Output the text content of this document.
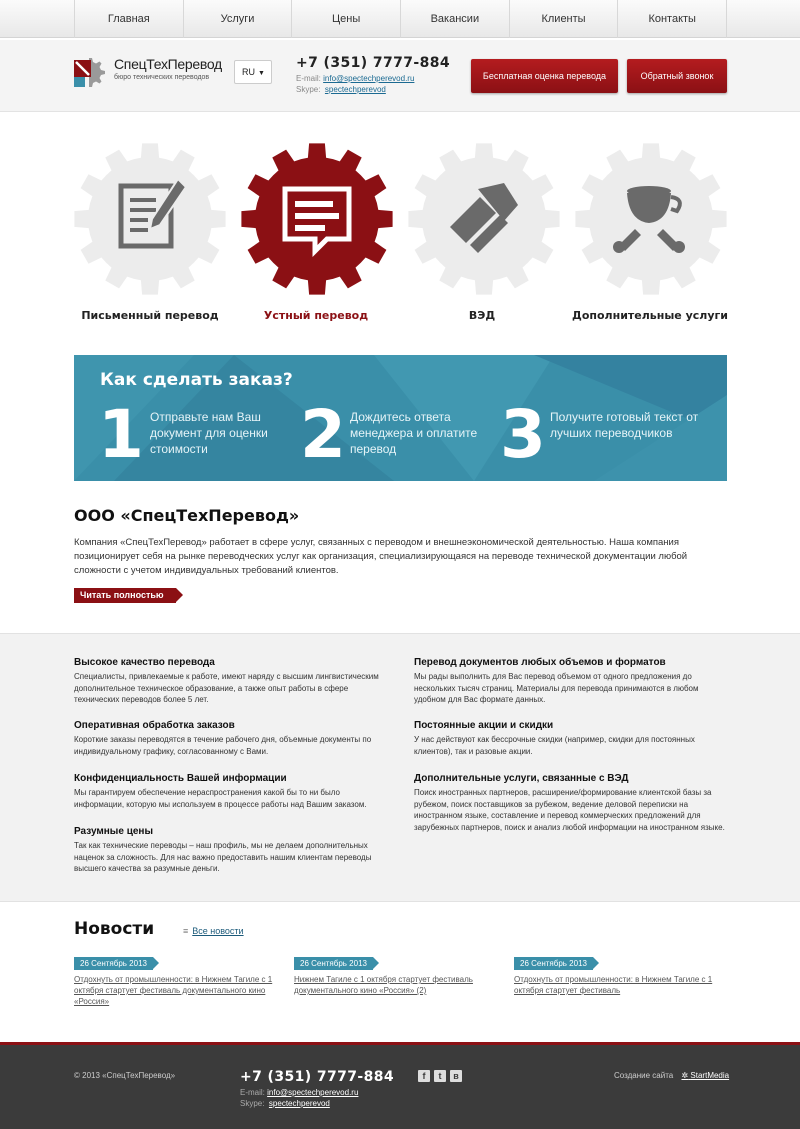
Главная	Услуги	Цены	Вакансии	Клиенты	Контакты
СпецТехПеревод
бюро технических переводов
RU ▼
+7 (351) 7777-884
E-mail: info@spectechperevod.ru
Skype: spectechperevod
Бесплатная оценка перевода	Обратный звонок
Письменный перевод	Устный перевод	ВЭД	Дополнительные услуги
Как сделать заказ?
1 Отправьте нам Ваш документ для оценки стоимости	2 Дождитесь ответа менеджера и оплатите перевод	3 Получите готовый текст от лучших переводчиков
ООО «СпецТехПеревод»
Компания «СпецТехПеревод» работает в сфере услуг, связанных с переводом и внешнеэкономической деятельностью. Наша компания позиционирует себя на рынке переводческих услуг как организация, специализирующаяся на переводе технической документации любой сложности с учетом индивидуальных требований клиентов.
Читать полностью
Высокое качество перевода
Специалисты, привлекаемые к работе, имеют наряду с высшим лингвистическим дополнительное техническое образование, а также опыт работы в сфере технических переводов более 5 лет.
Оперативная обработка заказов
Короткие заказы переводятся в течение рабочего дня, объемные документы по индивидуальному графику, согласованному с Вами.
Конфиденциальность Вашей информации
Мы гарантируем обеспечение нераспространения какой бы то ни было информации, которую мы используем в процессе работы над Вашим заказом.
Разумные цены
Так как технические переводы – наш профиль, мы не делаем дополнительных наценок за сложность. Для нас важно предоставить нашим клиентам переводы высшего качества за разумные деньги.
Перевод документов любых объемов и форматов
Мы рады выполнить для Вас перевод объемом от одного предложения до нескольких тысяч страниц. Материалы для перевода принимаются в любом удобном для Вас формате данных.
Постоянные акции и скидки
У нас действуют как бессрочные скидки (например, скидки для постоянных клиентов), так и разовые акции.
Дополнительные услуги, связанные с ВЭД
Поиск иностранных партнеров, расширение/формирование клиентской базы за рубежом, поиск поставщиков за рубежом, ведение деловой переписки на иностранном языке, составление и перевод коммерческих предложений для зарубежных партнеров, поиск и анализ любой информации на иностранном языке.
Новости
≡	Все новости
26 Сентябрь 2013
Отдохнуть от промышленности: в Нижнем Тагиле с 1 октября стартует фестиваль документального кино «Россия»
26 Сентябрь 2013
Нижнем Тагиле с 1 октября стартует фестиваль документального кино «Россия» (2)
26 Сентябрь 2013
Отдохнуть от промышленности: в Нижнем Тагиле с 1 октября стартует фестиваль
© 2013 «СпецТехПеревод»	+7 (351) 7777-884
E-mail: info@spectechperevod.ru
Skype: spectechperevod
f	t	в	Создание сайта ✲ StartMedia
